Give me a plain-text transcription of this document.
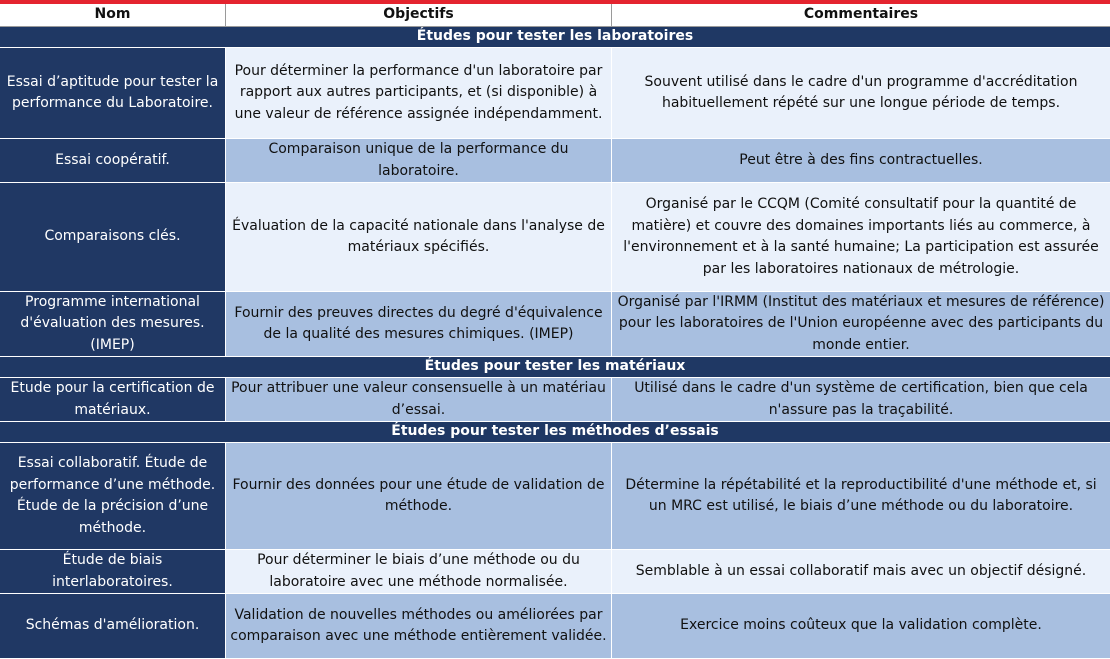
Nom	Objectifs	Commentaires
Études pour tester les laboratoires
Essai d’aptitude pour tester la performance du Laboratoire.
Pour déterminer la performance d'un laboratoire par rapport aux autres participants, et (si disponible) à une valeur de référence assignée indépendamment.
Souvent utilisé dans le cadre d'un programme d'accréditation habituellement répété sur une longue période de temps.
Essai coopératif.
Comparaison unique de la performance du laboratoire.
Peut être à des fins contractuelles.
Comparaisons clés.
Évaluation de la capacité nationale dans l'analyse de matériaux spécifiés.
Organisé par le CCQM (Comité consultatif pour la quantité de matière) et couvre des domaines importants liés au commerce, à l'environnement et à la santé humaine; La participation est assurée par les laboratoires nationaux de métrologie.
Programme international d'évaluation des mesures. (IMEP)
Fournir des preuves directes du degré d'équivalence de la qualité des mesures chimiques. (IMEP)
Organisé par l'IRMM (Institut des matériaux et mesures de référence) pour les laboratoires de l'Union européenne avec des participants du monde entier.
Études pour tester les matériaux
Etude pour la certification de matériaux.
Pour attribuer une valeur consensuelle à un matériau d’essai.
Utilisé dans le cadre d'un système de certification, bien que cela n'assure pas la traçabilité.
Études pour tester les méthodes d’essais
Essai collaboratif. Étude de performance d’une méthode. Étude de la précision d’une méthode.
Fournir des données pour une étude de validation de méthode.
Détermine la répétabilité et la reproductibilité d'une méthode et, si un MRC est utilisé, le biais d’une méthode ou du laboratoire.
Étude de biais interlaboratoires.
Pour déterminer le biais d’une méthode ou du laboratoire avec une méthode normalisée.
Semblable à un essai collaboratif mais avec un objectif désigné.
Schémas d'amélioration.
Validation de nouvelles méthodes ou améliorées par comparaison avec une méthode entièrement validée.
Exercice moins coûteux que la validation complète.
